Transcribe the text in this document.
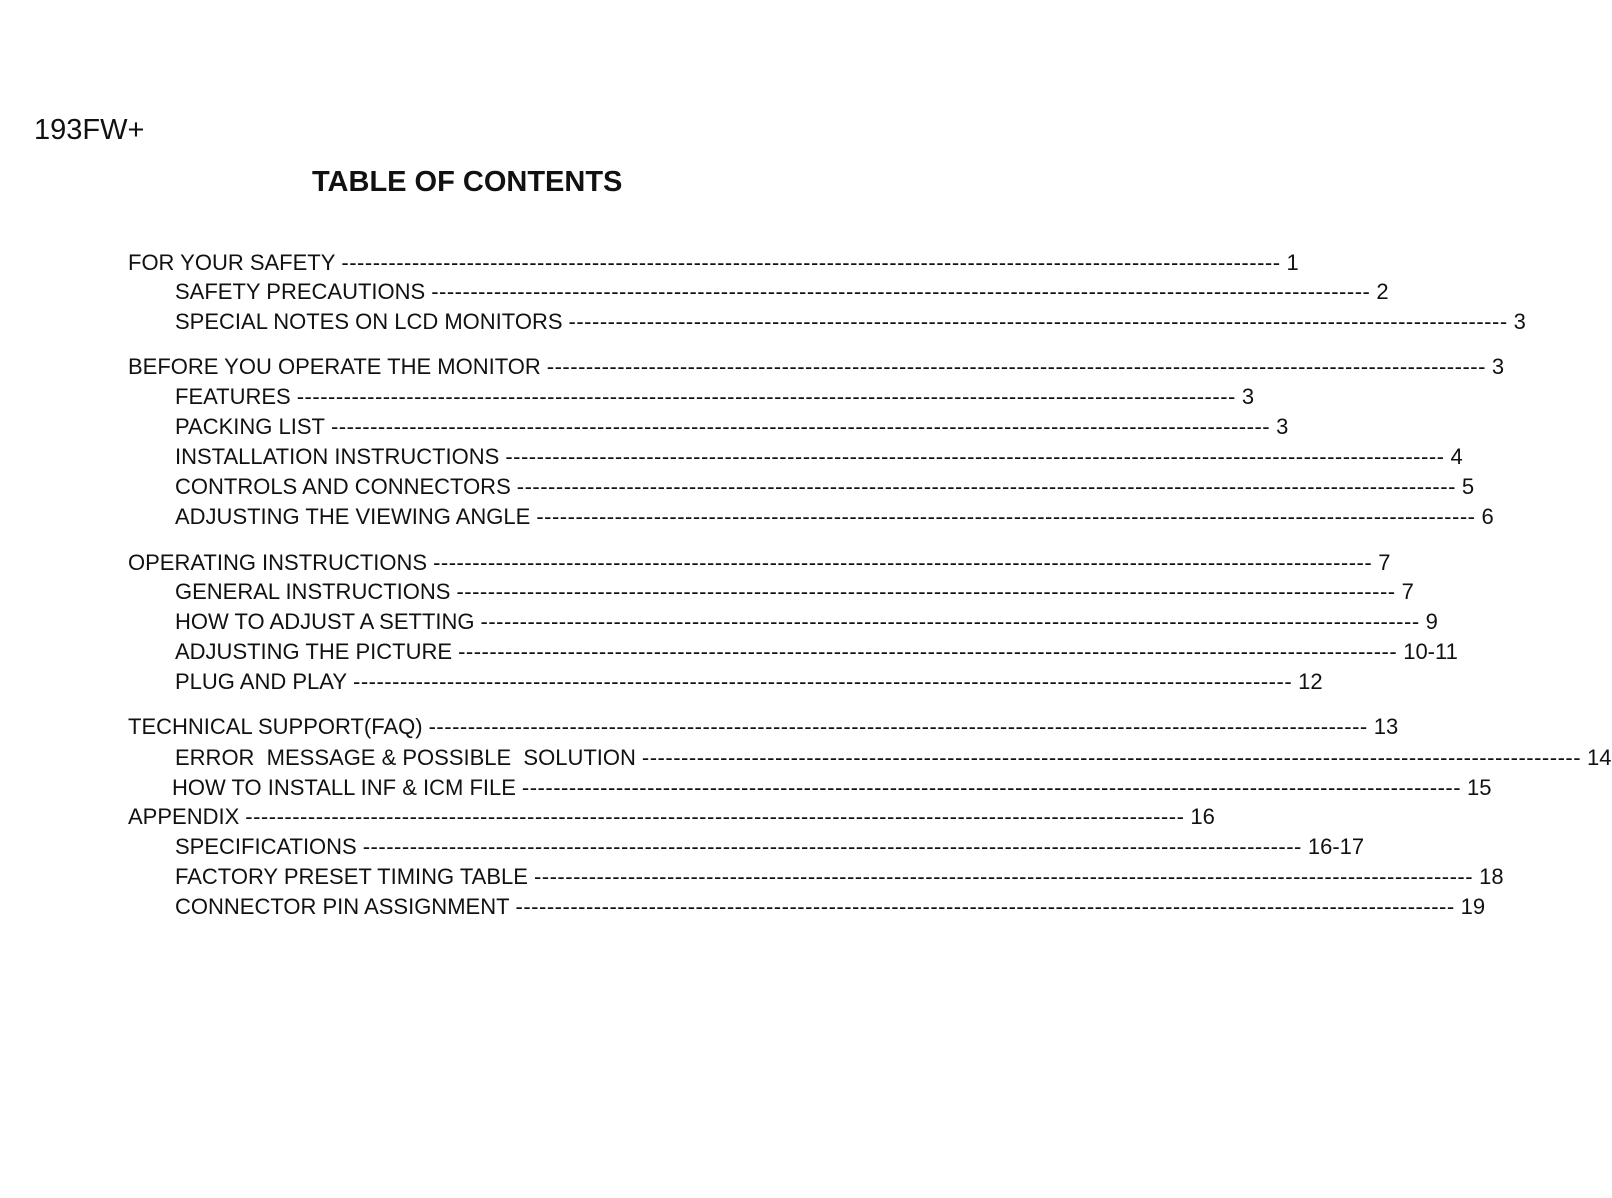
193FW+
TABLE OF CONTENTS
FOR YOUR SAFETY ------------------------------------------------------------------------------------------------------------------------ 1
SAFETY PRECAUTIONS ------------------------------------------------------------------------------------------------------------------------ 2
SPECIAL NOTES ON LCD MONITORS ------------------------------------------------------------------------------------------------------------------------ 3
BEFORE YOU OPERATE THE MONITOR ------------------------------------------------------------------------------------------------------------------------ 3
FEATURES ------------------------------------------------------------------------------------------------------------------------ 3
PACKING LIST ------------------------------------------------------------------------------------------------------------------------ 3
INSTALLATION INSTRUCTIONS ------------------------------------------------------------------------------------------------------------------------ 4
CONTROLS AND CONNECTORS ------------------------------------------------------------------------------------------------------------------------ 5
ADJUSTING THE VIEWING ANGLE ------------------------------------------------------------------------------------------------------------------------ 6
OPERATING INSTRUCTIONS ------------------------------------------------------------------------------------------------------------------------ 7
GENERAL INSTRUCTIONS ------------------------------------------------------------------------------------------------------------------------ 7
HOW TO ADJUST A SETTING ------------------------------------------------------------------------------------------------------------------------ 9
ADJUSTING THE PICTURE ------------------------------------------------------------------------------------------------------------------------ 10-11
PLUG AND PLAY ------------------------------------------------------------------------------------------------------------------------ 12
TECHNICAL SUPPORT(FAQ) ------------------------------------------------------------------------------------------------------------------------ 13
ERROR  MESSAGE & POSSIBLE  SOLUTION ------------------------------------------------------------------------------------------------------------------------ 14
HOW TO INSTALL INF & ICM FILE ------------------------------------------------------------------------------------------------------------------------ 15
APPENDIX ------------------------------------------------------------------------------------------------------------------------ 16
SPECIFICATIONS ------------------------------------------------------------------------------------------------------------------------ 16-17
FACTORY PRESET TIMING TABLE ------------------------------------------------------------------------------------------------------------------------ 18
CONNECTOR PIN ASSIGNMENT ------------------------------------------------------------------------------------------------------------------------ 19
